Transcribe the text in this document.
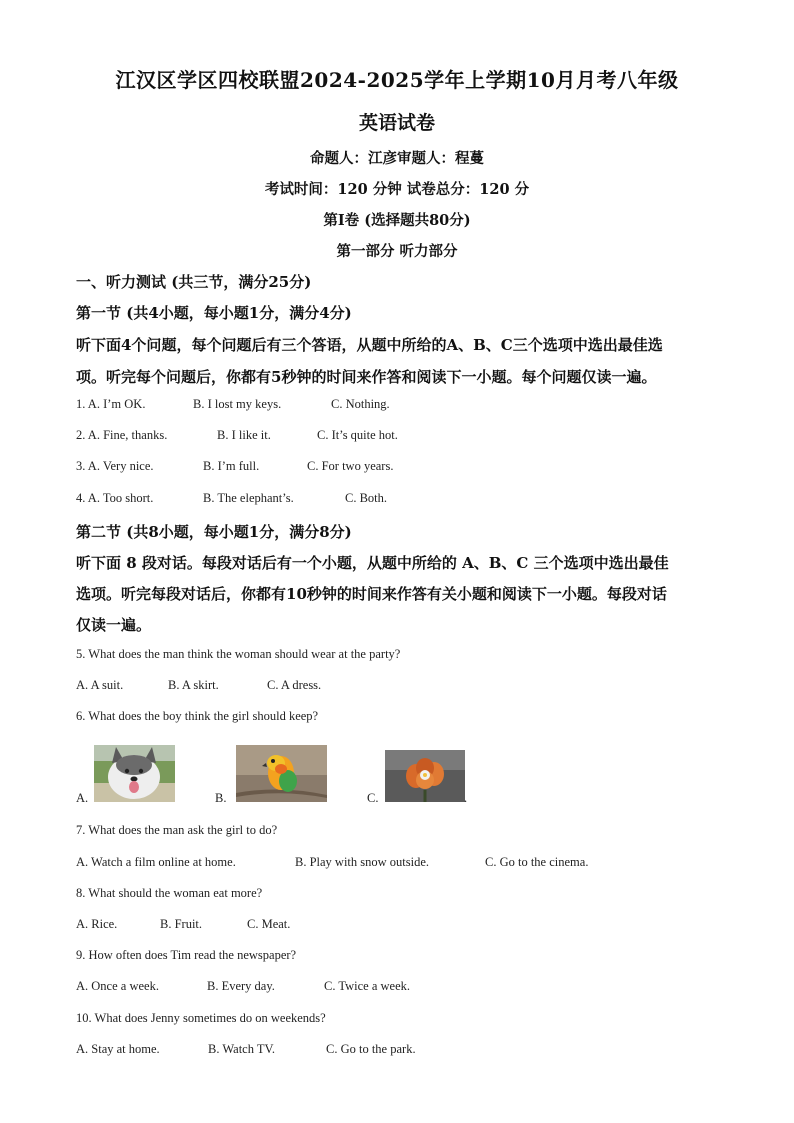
江汉区学区四校联盟2024-2025学年上学期10月月考八年级
英语试卷
命题人：江彦审题人：程蔓
考试时间：120 分钟 试卷总分：120 分
第Ⅰ卷 (选择题共80分)
第一部分 听力部分
一、听力测试 (共三节，满分25分)
第一节 (共4小题，每小题1分，满分4分)
听下面4个问题，每个问题后有三个答语，从题中所给的A、B、C三个选项中选出最佳选
项。听完每个问题后，你都有5秒钟的时间来作答和阅读下一小题。每个问题仅读一遍。
1. A. I’m OK.	B. I lost my keys.	C. Nothing.
2. A. Fine, thanks.	B. I like it.	C. It’s quite hot.
3. A. Very nice.	B. I’m full.	C. For two years.
4. A. Too short.	B. The elephant’s.	C. Both.
第二节 (共8小题，每小题1分，满分8分)
听下面 8 段对话。每段对话后有一个小题，从题中所给的 A、B、C 三个选项中选出最佳
选项。听完每段对话后，你都有10秒钟的时间来作答有关小题和阅读下一小题。每段对话
仅读一遍。
5. What does the man think the woman should wear at the party?
A. A suit.	B. A skirt.	C. A dress.
6. What does the boy think the girl should keep?
A.	B.	C.	.
7. What does the man ask the girl to do?
A. Watch a film online at home.	B. Play with snow outside.	C. Go to the cinema.
8. What should the woman eat more?
A. Rice.	B. Fruit.	C. Meat.
9. How often does Tim read the newspaper?
A. Once a week.	B. Every day.	C. Twice a week.
10. What does Jenny sometimes do on weekends?
A. Stay at home.	B. Watch TV.	C. Go to the park.
